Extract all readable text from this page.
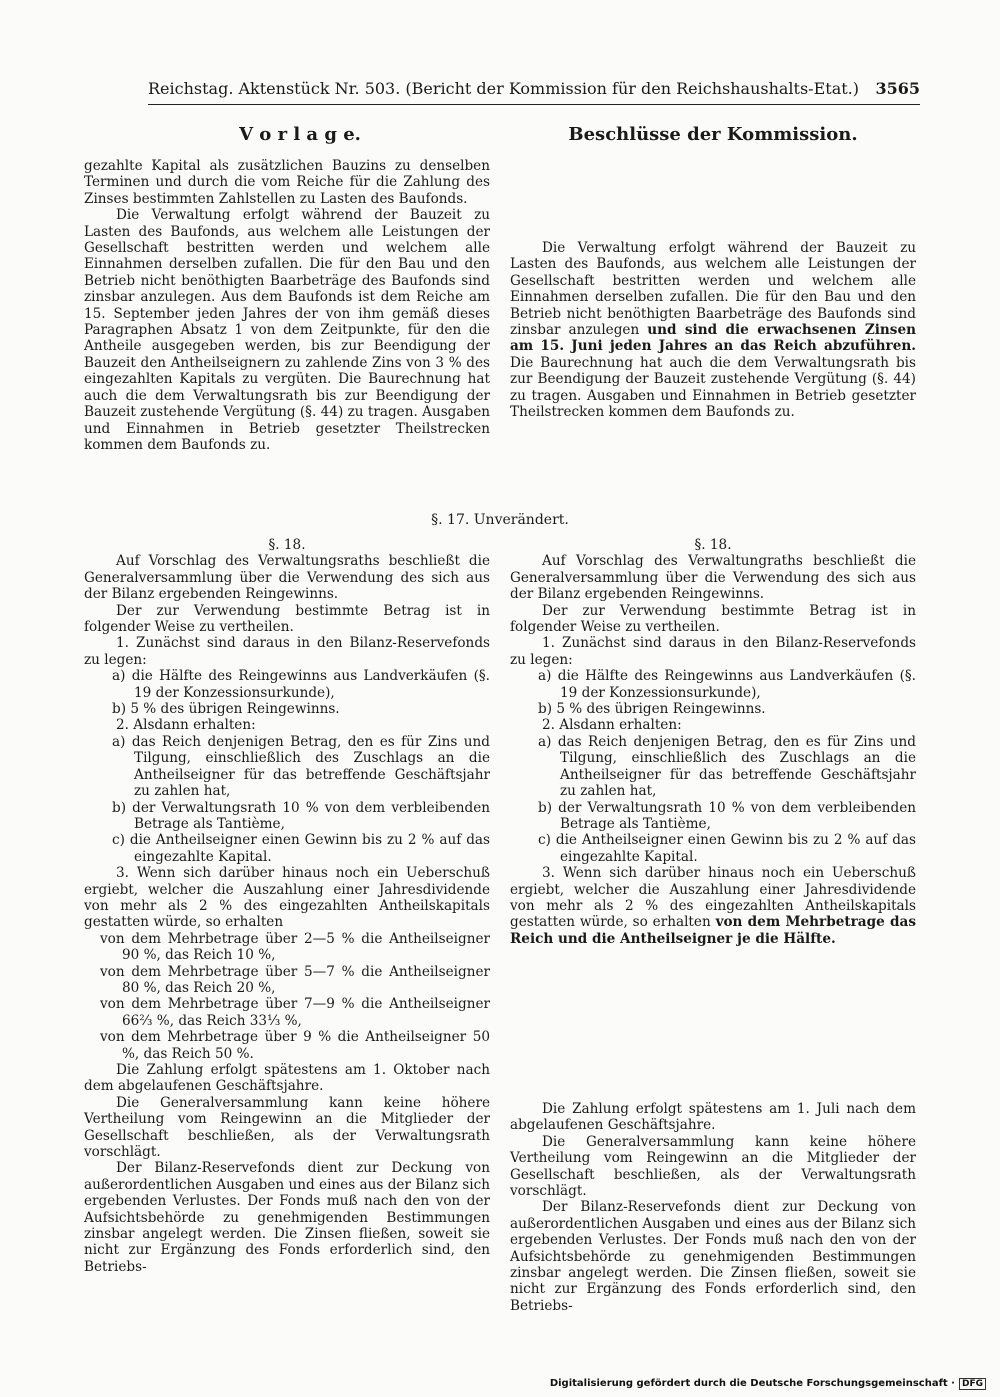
Reichstag. Aktenstück Nr. 503. (Bericht der Kommission für den Reichshaushalts-Etat.) 3565
V o r l a g e.	Beschlüsse der Kommission.

gezahlte Kapital als zusätzlichen Bauzins zu denselben Terminen und durch die vom Reiche für die Zahlung des Zinses bestimmten Zahlstellen zu Lasten des Baufonds.

Die Verwaltung erfolgt während der Bauzeit zu Lasten des Baufonds, aus welchem alle Leistungen der Gesellschaft bestritten werden und welchem alle Einnahmen derselben zufallen. Die für den Bau und den Betrieb nicht benöthigten Baarbeträge des Baufonds sind zinsbar anzulegen. Aus dem Baufonds ist dem Reiche am 15. September jeden Jahres der von ihm gemäß dieses Paragraphen Absatz 1 von dem Zeitpunkte, für den die Antheile ausgegeben werden, bis zur Beendigung der Bauzeit den Antheilseignern zu zahlende Zins von 3 % des eingezahlten Kapitals zu vergüten. Die Baurechnung hat auch die dem Verwaltungsrath bis zur Beendigung der Bauzeit zustehende Vergütung (§. 44) zu tragen. Ausgaben und Einnahmen in Betrieb gesetzter Theilstrecken kommen dem Baufonds zu.

Die Verwaltung erfolgt während der Bauzeit zu Lasten des Baufonds, aus welchem alle Leistungen der Gesellschaft bestritten werden und welchem alle Einnahmen derselben zufallen. Die für den Bau und den Betrieb nicht benöthigten Baarbeträge des Baufonds sind zinsbar anzulegen und sind die erwachsenen Zinsen am 15. Juni jeden Jahres an das Reich abzuführen. Die Baurechnung hat auch die dem Verwaltungsrath bis zur Beendigung der Bauzeit zustehende Vergütung (§. 44) zu tragen. Ausgaben und Einnahmen in Betrieb gesetzter Theilstrecken kommen dem Baufonds zu.

§. 17. Unverändert.

§. 18.

Auf Vorschlag des Verwaltungsraths beschließt die Generalversammlung über die Verwendung des sich aus der Bilanz ergebenden Reingewinns.

Der zur Verwendung bestimmte Betrag ist in folgender Weise zu vertheilen.

1. Zunächst sind daraus in den Bilanz-Reservefonds zu legen:

a) die Hälfte des Reingewinns aus Landverkäufen (§. 19 der Konzessionsurkunde),

b) 5 % des übrigen Reingewinns.

2. Alsdann erhalten:

a) das Reich denjenigen Betrag, den es für Zins und Tilgung, einschließlich des Zuschlags an die Antheilseigner für das betreffende Geschäftsjahr zu zahlen hat,

b) der Verwaltungsrath 10 % von dem verbleibenden Betrage als Tantième,

c) die Antheilseigner einen Gewinn bis zu 2 % auf das eingezahlte Kapital.

3. Wenn sich darüber hinaus noch ein Ueberschuß ergiebt, welcher die Auszahlung einer Jahresdividende von mehr als 2 % des eingezahlten Antheilskapitals gestatten würde, so erhalten

von dem Mehrbetrage über 2—5 % die Antheilseigner 90 %, das Reich 10 %,

von dem Mehrbetrage über 5—7 % die Antheilseigner 80 %, das Reich 20 %,

von dem Mehrbetrage über 7—9 % die Antheilseigner 66⅔ %, das Reich 33⅓ %,

von dem Mehrbetrage über 9 % die Antheilseigner 50 %, das Reich 50 %.

Die Zahlung erfolgt spätestens am 1. Oktober nach dem abgelaufenen Geschäftsjahre.

Die Generalversammlung kann keine höhere Vertheilung vom Reingewinn an die Mitglieder der Gesellschaft beschließen, als der Verwaltungsrath vorschlägt.

Der Bilanz-Reservefonds dient zur Deckung von außerordentlichen Ausgaben und eines aus der Bilanz sich ergebenden Verlustes. Der Fonds muß nach den von der Aufsichtsbehörde zu genehmigenden Bestimmungen zinsbar angelegt werden. Die Zinsen fließen, soweit sie nicht zur Ergänzung des Fonds erforderlich sind, den Betriebs-

§. 18.

Auf Vorschlag des Verwaltungraths beschließt die Generalversammlung über die Verwendung des sich aus der Bilanz ergebenden Reingewinns.

Der zur Verwendung bestimmte Betrag ist in folgender Weise zu vertheilen.

1. Zunächst sind daraus in den Bilanz-Reservefonds zu legen:

a) die Hälfte des Reingewinns aus Landverkäufen (§. 19 der Konzessionsurkunde),

b) 5 % des übrigen Reingewinns.

2. Alsdann erhalten:

a) das Reich denjenigen Betrag, den es für Zins und Tilgung, einschließlich des Zuschlags an die Antheilseigner für das betreffende Geschäftsjahr zu zahlen hat,

b) der Verwaltungsrath 10 % von dem verbleibenden Betrage als Tantième,

c) die Antheilseigner einen Gewinn bis zu 2 % auf das eingezahlte Kapital.

3. Wenn sich darüber hinaus noch ein Ueberschuß ergiebt, welcher die Auszahlung einer Jahresdividende von mehr als 2 % des eingezahlten Antheilskapitals gestatten würde, so erhalten von dem Mehrbetrage das Reich und die Antheilseigner je die Hälfte.

Die Zahlung erfolgt spätestens am 1. Juli nach dem abgelaufenen Geschäftsjahre.

Die Generalversammlung kann keine höhere Vertheilung vom Reingewinn an die Mitglieder der Gesellschaft beschließen, als der Verwaltungsrath vorschlägt.

Der Bilanz-Reservefonds dient zur Deckung von außerordentlichen Ausgaben und eines aus der Bilanz sich ergebenden Verlustes. Der Fonds muß nach den von der Aufsichtsbehörde zu genehmigenden Bestimmungen zinsbar angelegt werden. Die Zinsen fließen, soweit sie nicht zur Ergänzung des Fonds erforderlich sind, den Betriebs-

Digitalisierung gefördert durch die Deutsche Forschungsgemeinschaft · DFG
